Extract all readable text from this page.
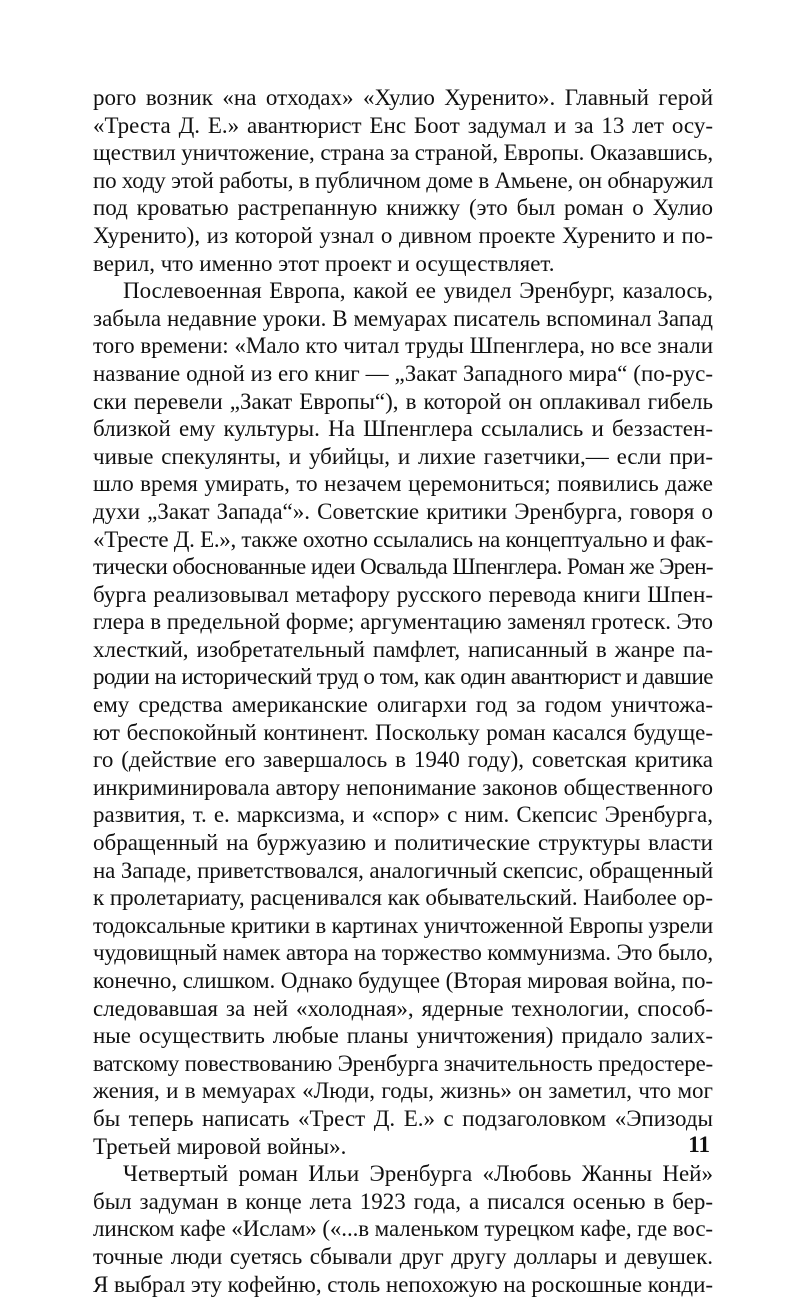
рого возник «на отходах» «Хулио Хуренито». Главный герой
«Треста Д. Е.» авантюрист Енс Боот задумал и за 13 лет осу-
ществил уничтожение, страна за страной, Европы. Оказавшись,
по ходу этой работы, в публичном доме в Амьене, он обнаружил
под кроватью растрепанную книжку (это был роман о Хулио
Хуренито), из которой узнал о дивном проекте Хуренито и по-
верил, что именно этот проект и осуществляет.
Послевоенная Европа, какой ее увидел Эренбург, казалось,
забыла недавние уроки. В мемуарах писатель вспоминал Запад
того времени: «Мало кто читал труды Шпенглера, но все знали
название одной из его книг — „Закат Западного мира“ (по-рус-
ски перевели „Закат Европы“), в которой он оплакивал гибель
близкой ему культуры. На Шпенглера ссылались и беззастен-
чивые спекулянты, и убийцы, и лихие газетчики,— если при-
шло время умирать, то незачем церемониться; появились даже
духи „Закат Запада“». Советские критики Эренбурга, говоря о
«Тресте Д. Е.», также охотно ссылались на концептуально и фак-
тически обоснованные идеи Освальда Шпенглера. Роман же Эрен-
бурга реализовывал метафору русского перевода книги Шпен-
глера в предельной форме; аргументацию заменял гротеск. Это
хлесткий, изобретательный памфлет, написанный в жанре па-
родии на исторический труд о том, как один авантюрист и давшие
ему средства американские олигархи год за годом уничтожа-
ют беспокойный континент. Поскольку роман касался будуще-
го (действие его завершалось в 1940 году), советская критика
инкриминировала автору непонимание законов общественного
развития, т. е. марксизма, и «спор» с ним. Скепсис Эренбурга,
обращенный на буржуазию и политические структуры власти
на Западе, приветствовался, аналогичный скепсис, обращенный
к пролетариату, расценивался как обывательский. Наиболее ор-
тодоксальные критики в картинах уничтоженной Европы узрели
чудовищный намек автора на торжество коммунизма. Это было,
конечно, слишком. Однако будущее (Вторая мировая война, по-
следовавшая за ней «холодная», ядерные технологии, способ-
ные осуществить любые планы уничтожения) придало залих-
ватскому повествованию Эренбурга значительность предостере-
жения, и в мемуарах «Люди, годы, жизнь» он заметил, что мог
бы теперь написать «Трест Д. Е.» с подзаголовком «Эпизоды
Третьей мировой войны».
Четвертый роман Ильи Эренбурга «Любовь Жанны Ней»
был задуман в конце лета 1923 года, а писался осенью в бер-
линском кафе «Ислам» («...в маленьком турецком кафе, где вос-
точные люди суетясь сбывали друг другу доллары и девушек.
Я выбрал эту кофейню, столь непохожую на роскошные конди-
11
